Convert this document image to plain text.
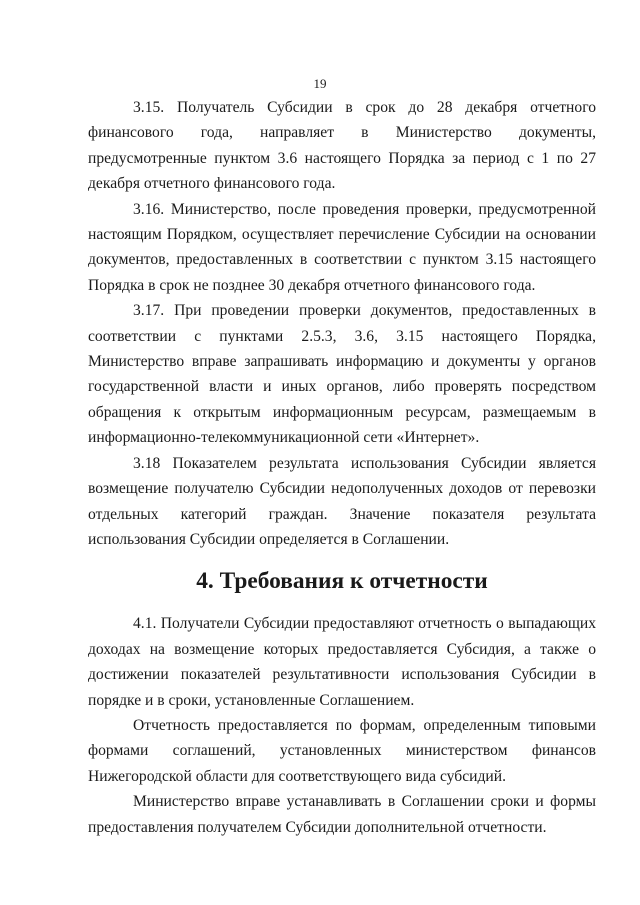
19

3.15. Получатель Субсидии в срок до 28 декабря отчетного финансового года, направляет в Министерство документы, предусмотренные пунктом 3.6 настоящего Порядка за период с 1 по 27 декабря отчетного финансового года.

3.16. Министерство, после проведения проверки, предусмотренной настоящим Порядком, осуществляет перечисление Субсидии на основании документов, предоставленных в соответствии с пунктом 3.15 настоящего Порядка в срок не позднее 30 декабря отчетного финансового года.

3.17. При проведении проверки документов, предоставленных в соответствии с пунктами 2.5.3, 3.6, 3.15 настоящего Порядка, Министерство вправе запрашивать информацию и документы у органов государственной власти и иных органов, либо проверять посредством обращения к открытым информационным ресурсам, размещаемым в информационно-телекоммуникационной сети «Интернет».

3.18 Показателем результата использования Субсидии является возмещение получателю Субсидии недополученных доходов от перевозки отдельных категорий граждан. Значение показателя результата использования Субсидии определяется в Соглашении.

4. Требования к отчетности

4.1. Получатели Субсидии предоставляют отчетность о выпадающих доходах на возмещение которых предоставляется Субсидия, а также о достижении показателей результативности использования Субсидии в порядке и в сроки, установленные Соглашением.

Отчетность предоставляется по формам, определенным типовыми формами соглашений, установленных министерством финансов Нижегородской области для соответствующего вида субсидий.

Министерство вправе устанавливать в Соглашении сроки и формы предоставления получателем Субсидии дополнительной отчетности.
